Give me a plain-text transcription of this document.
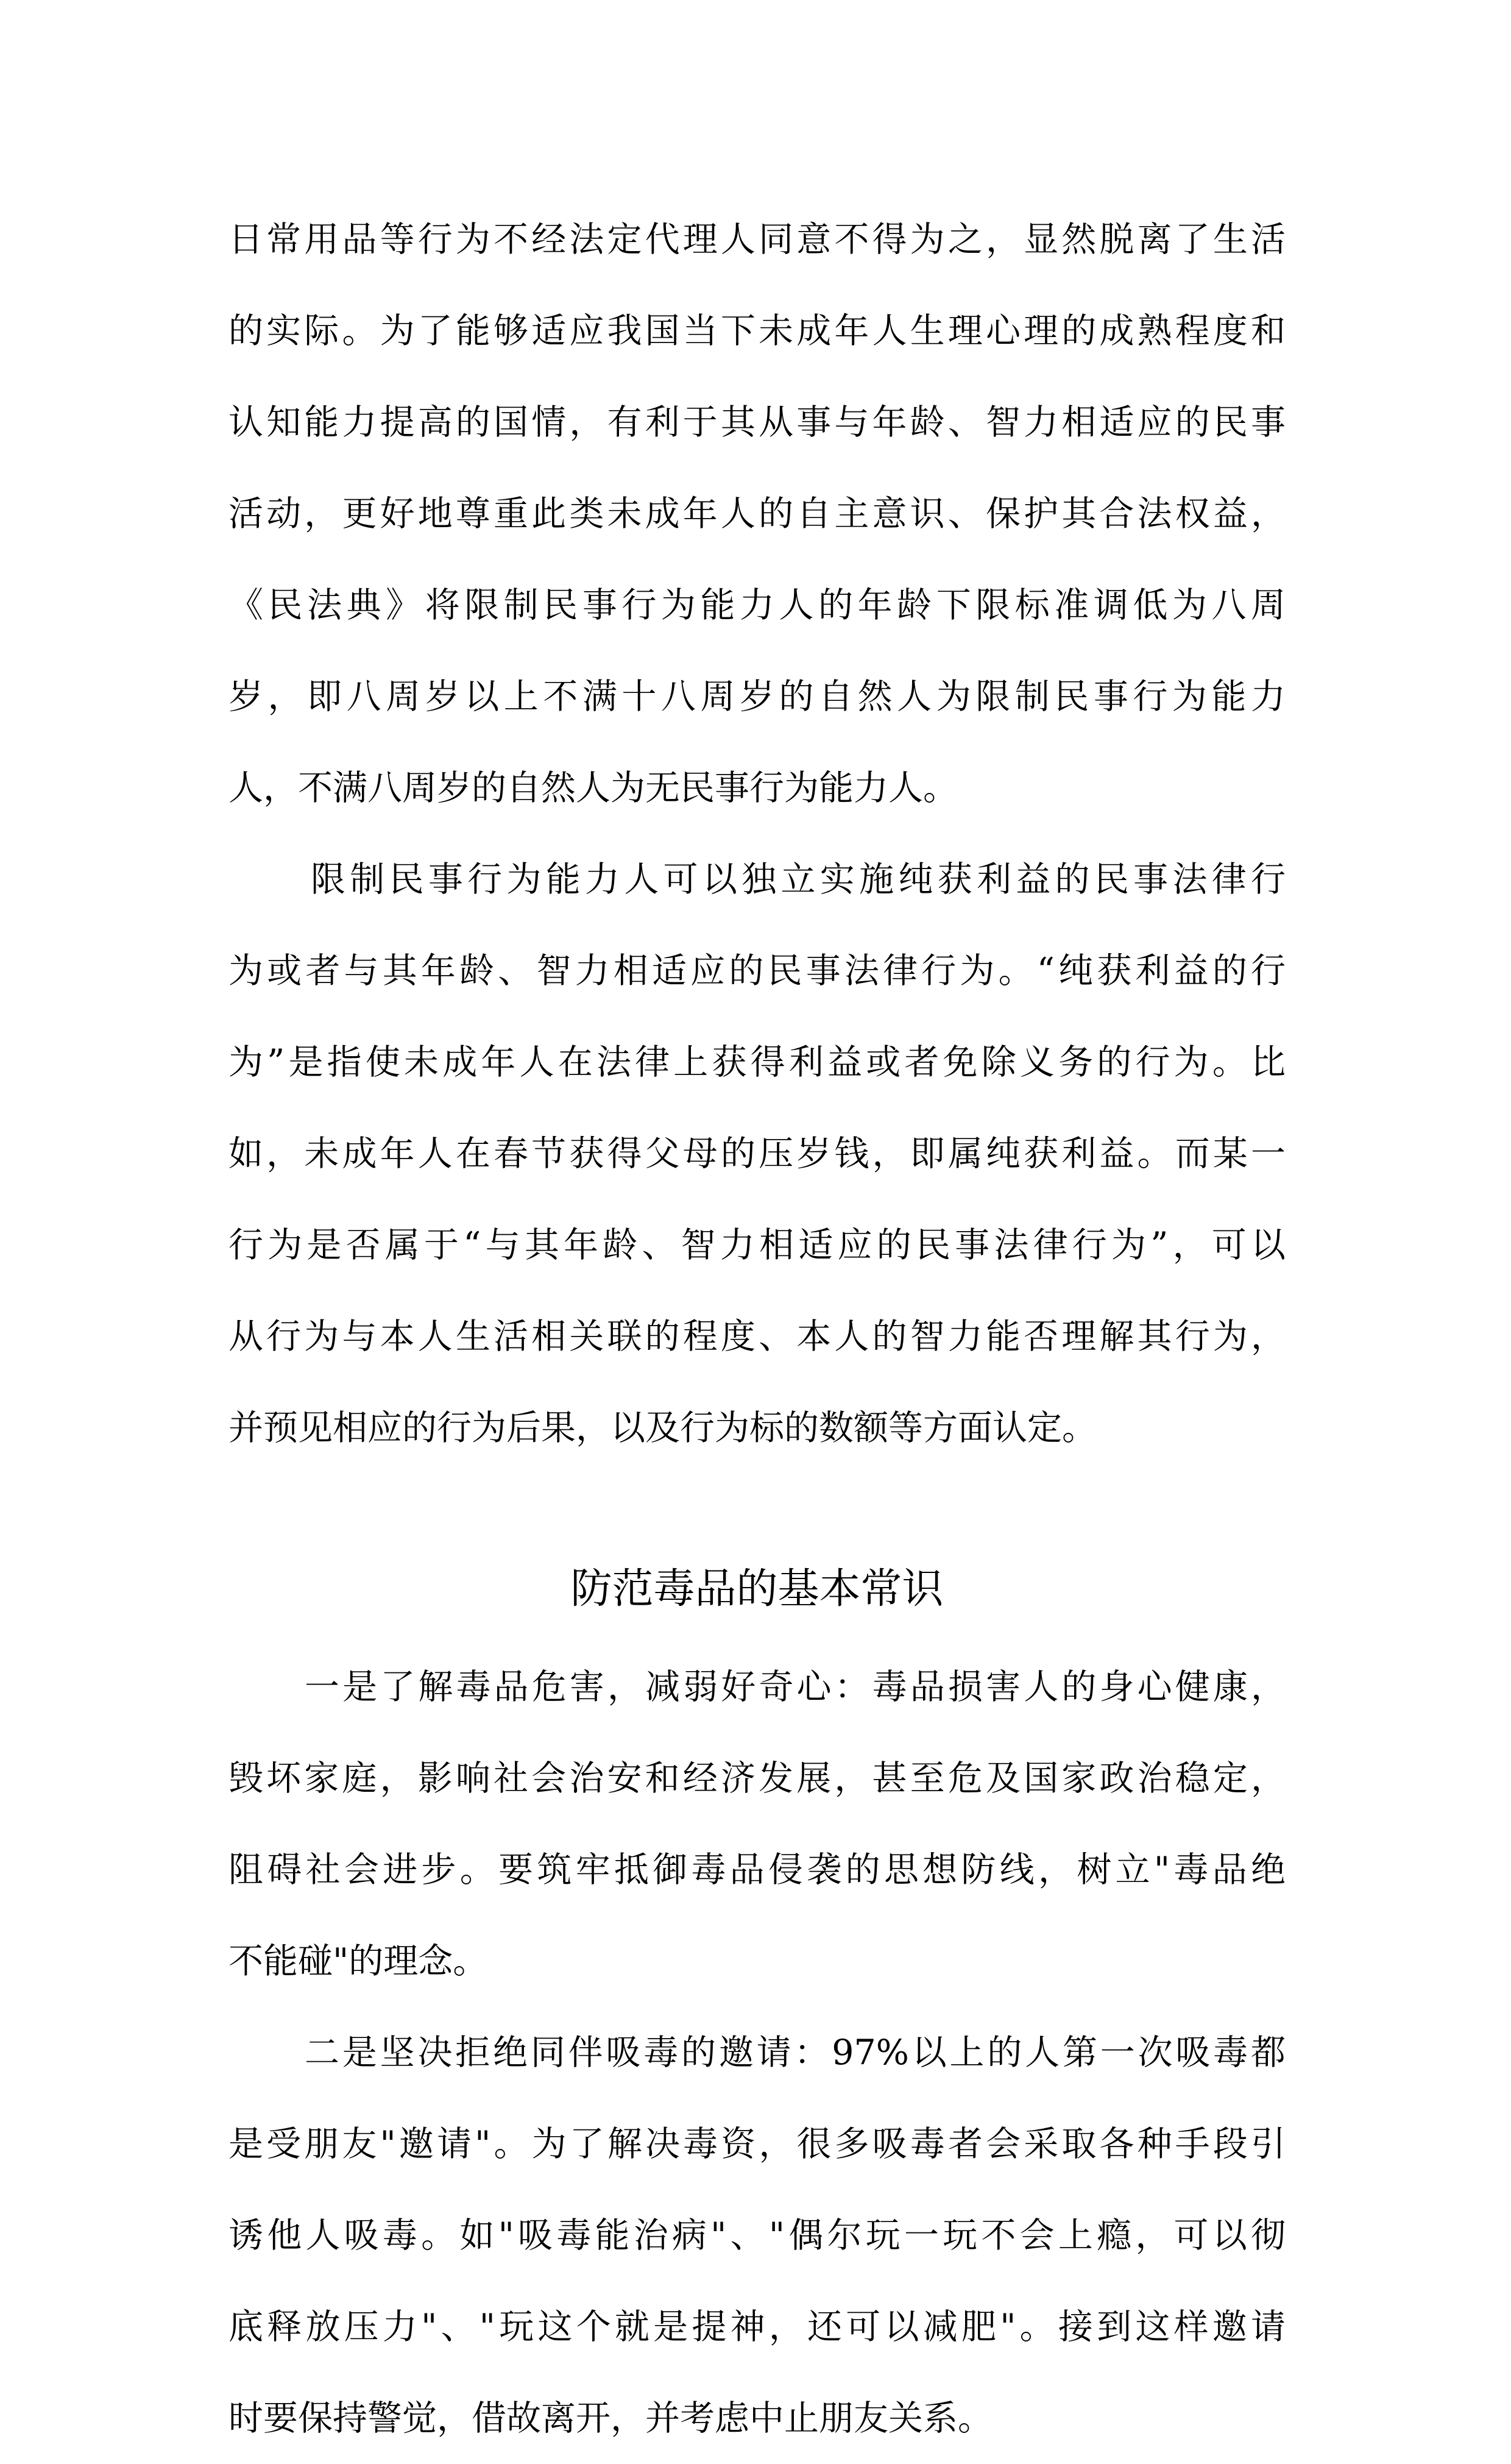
日常用品等行为不经法定代理人同意不得为之，显然脱离了生活
的实际。为了能够适应我国当下未成年人生理心理的成熟程度和
认知能力提高的国情，有利于其从事与年龄、智力相适应的民事
活动，更好地尊重此类未成年人的自主意识、保护其合法权益，
《民法典》将限制民事行为能力人的年龄下限标准调低为八周
岁，即八周岁以上不满十八周岁的自然人为限制民事行为能力
人，不满八周岁的自然人为无民事行为能力人。
限制民事行为能力人可以独立实施纯获利益的民事法律行
为或者与其年龄、智力相适应的民事法律行为。“纯获利益的行
为”是指使未成年人在法律上获得利益或者免除义务的行为。比
如，未成年人在春节获得父母的压岁钱，即属纯获利益。而某一
行为是否属于“与其年龄、智力相适应的民事法律行为”，可以
从行为与本人生活相关联的程度、本人的智力能否理解其行为，
并预见相应的行为后果，以及行为标的数额等方面认定。
防范毒品的基本常识
一是了解毒品危害，减弱好奇心：毒品损害人的身心健康，
毁坏家庭，影响社会治安和经济发展，甚至危及国家政治稳定，
阻碍社会进步。要筑牢抵御毒品侵袭的思想防线，树立"毒品绝
不能碰"的理念。
二是坚决拒绝同伴吸毒的邀请：97%以上的人第一次吸毒都
是受朋友"邀请"。为了解决毒资，很多吸毒者会采取各种手段引
诱他人吸毒。如"吸毒能治病"、"偶尔玩一玩不会上瘾，可以彻
底释放压力"、"玩这个就是提神，还可以减肥"。接到这样邀请
时要保持警觉，借故离开，并考虑中止朋友关系。
